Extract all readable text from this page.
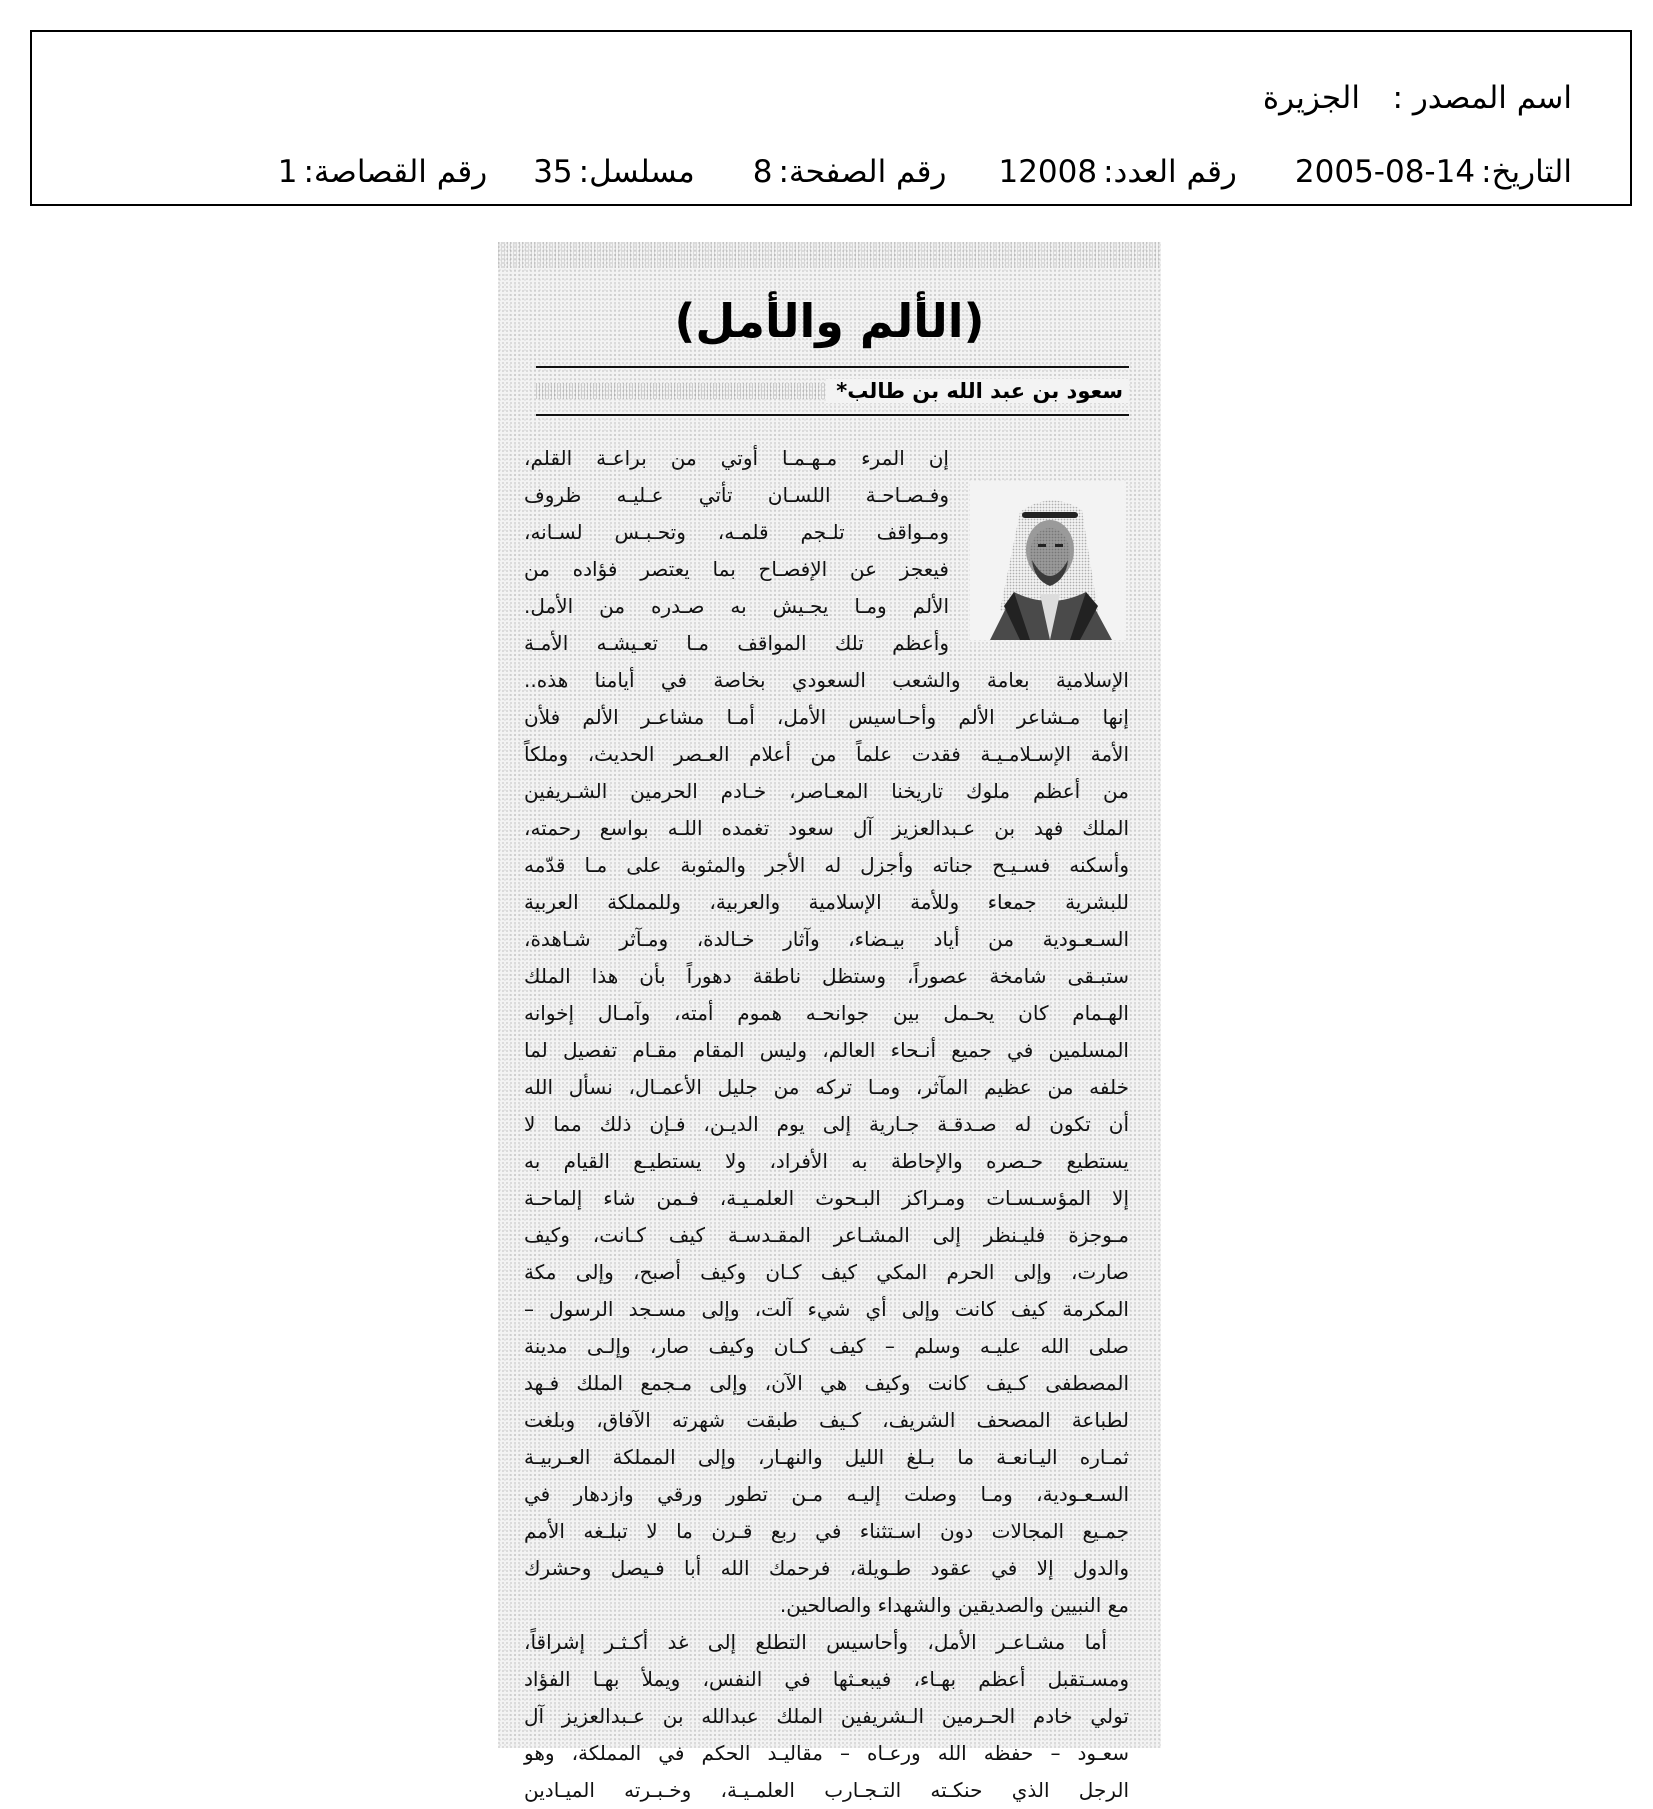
اسم المصدر :
الجزيرة
التاريخ:
2005-08-14
رقم العدد:
12008
رقم الصفحة:
8
مسلسل:
35
رقم القصاصة:
1
(الألم والأمل)
سعود بن عبد الله بن طالب*
إن المرء مـهـمـا أوتي من براعـة القلم،
وفـصـاحـة اللسـان تأتي عـليـه ظروف
ومـواقف تلـجم قلمـه، وتحـبـس لسـانه،
فيعجز عن الإفصـاح بما يعتصر فؤاده من
الألم ومـا يجـيش به صـدره من الأمل.
وأعظم تلك المواقف مـا تعـيشـه الأمـة
الإسلامية بعامة والشعب السعودي بخاصة في أيامنا هذه..
إنها مـشاعر الألم وأحـاسيس الأمل، أمـا مشاعـر الألم فلأن
الأمة الإسـلامـيـة فقدت علماً من أعلام العـصر الحديث، وملكاً
من أعظم ملوك تاريخنا المعـاصر، خـادم الحرمين الشـريفين
الملك فهد بن عـبدالعزيز آل سعود تغمده اللـه بواسع رحمته،
وأسكنه فسـيـح جناته وأجزل له الأجر والمثوبة على مـا قدّمه
للبشرية جمعاء وللأمة الإسلامية والعربية، وللمملكة العربية
السـعـودية من أياد بيـضاء، وآثار خـالدة، ومـآثر شـاهدة،
ستبـقى شامخة عصوراً، وستظل ناطقة دهوراً بأن هذا الملك
الهـمام كان يحـمل بين جوانحـه هموم أمته، وآمـال إخوانه
المسلمين في جميع أنـحاء العالم، وليس المقام مقـام تفصيل لما
خلفه من عظيم المآثر، ومـا تركه من جليل الأعمـال، نسأل الله
أن تكون له صـدقـة جـارية إلى يوم الديـن، فـإن ذلك مما لا
يستطيع حـصره والإحاطة به الأفراد، ولا يستطيـع القيام به
إلا المؤسـسـات ومـراكز البـحوث العلمـيـة، فـمن شاء إلماحـة
مـوجزة فليـنظر إلى المشـاعر المقـدسـة كيف كـانت، وكيف
صارت، وإلى الحرم المكي كيف كـان وكيف أصبح، وإلى مكة
المكرمة كيف كانت وإلى أي شيء آلت، وإلى مسـجد الرسول –
صلى الله عليـه وسلم – كيف كـان وكيف صار، وإلـى مدينة
المصطفى كـيف كانت وكيف هي الآن، وإلى مـجمع الملك فـهد
لطباعة المصحف الشريف، كـيف طبقت شهرته الآفاق، وبلغت
ثمـاره اليـانعـة ما بـلغ الليل والنهـار، وإلى المملكة العـربيـة
السـعـودية، ومـا وصلت إليـه مـن تطور ورقي وازدهار في
جمـيع المجالات دون اسـتثناء في ربع قـرن ما لا تبلـغه الأمم
والدول إلا في عقود طـويلة، فرحمك الله أبا فـيصل وحشرك
مع النبيين والصديقين والشهداء والصالحين.
أما مشـاعـر الأمل، وأحاسيس التطلع إلى غد أكـثـر إشراقاً،
ومسـتقبل أعظم بهـاء، فيبعـثها في النفس، ويملأ بهـا الفؤاد
تولي خادم الحـرمين الـشريفين الملك عبدالله بن عـبدالعزيز آل
سعـود – حفظه الله ورعـاه – مقاليـد الحكم في المملكة، وهو
الرجل الذي حنكـته التـجـارب العلمـيـة، وخـبـرته الميـادين
